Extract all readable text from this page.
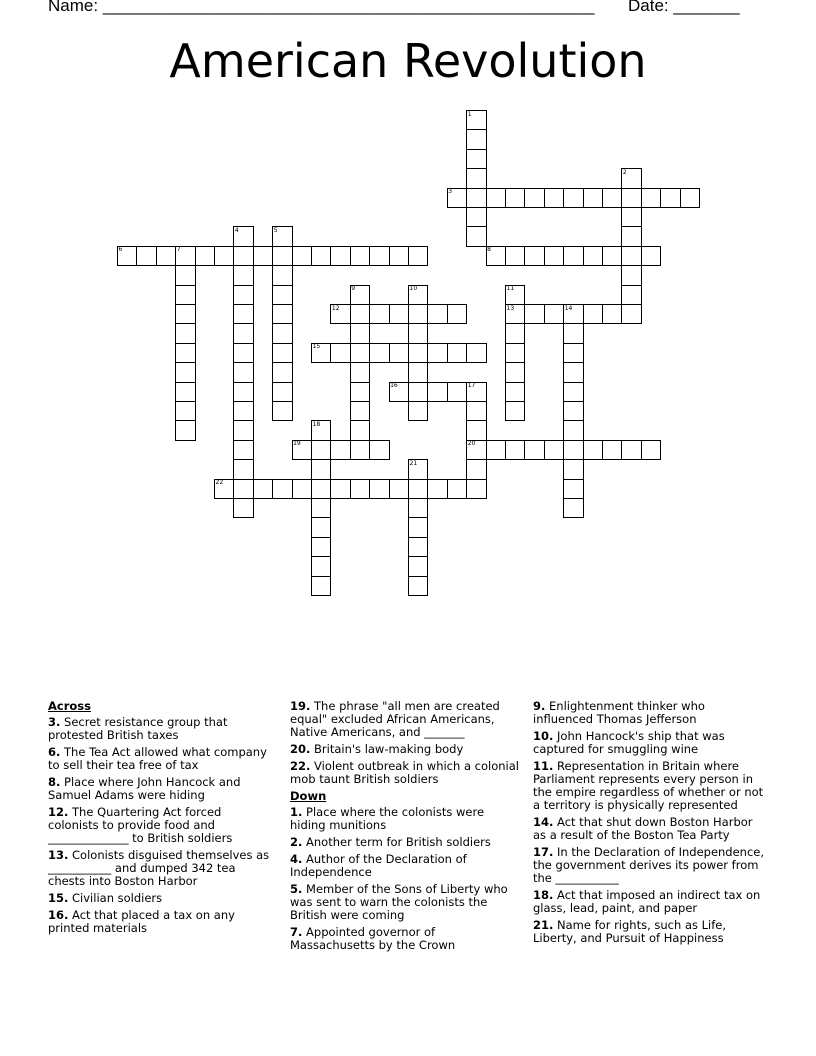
Name: ____________________________________________________ Date: _______
American Revolution
1
2
3
4	5
6	7	8
9	10	11
12	13	14
15
16	17
18
19	20
21
22
Across
3. Secret resistance group that protested British taxes
6. The Tea Act allowed what company to sell their tea free of tax
8. Place where John Hancock and Samuel Adams were hiding
12. The Quartering Act forced colonists to provide food and ______________ to British soldiers
13. Colonists disguised themselves as ___________ and dumped 342 tea chests into Boston Harbor
15. Civilian soldiers
16. Act that placed a tax on any printed materials
19. The phrase "all men are created equal" excluded African Americans, Native Americans, and _______
20. Britain's law-making body
22. Violent outbreak in which a colonial mob taunt British soldiers
Down
1. Place where the colonists were hiding munitions
2. Another term for British soldiers
4. Author of the Declaration of Independence
5. Member of the Sons of Liberty who was sent to warn the colonists the British were coming
7. Appointed governor of Massachusetts by the Crown
9. Enlightenment thinker who influenced Thomas Jefferson
10. John Hancock's ship that was captured for smuggling wine
11. Representation in Britain where Parliament represents every person in the empire regardless of whether or not a territory is physically represented
14. Act that shut down Boston Harbor as a result of the Boston Tea Party
17. In the Declaration of Independence, the government derives its power from the ___________
18. Act that imposed an indirect tax on glass, lead, paint, and paper
21. Name for rights, such as Life, Liberty, and Pursuit of Happiness
